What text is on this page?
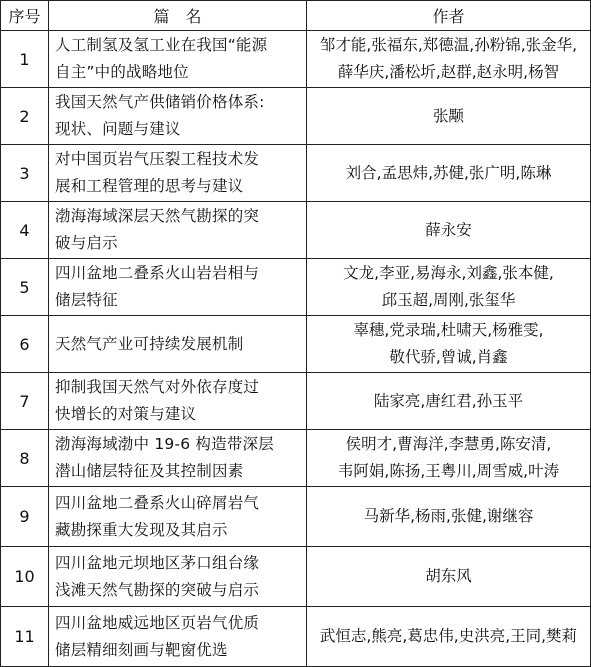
序号	篇　名	作者
1	人工制氢及氢工业在我国“能源
自主”中的战略地位	邹才能,张福东,郑德温,孙粉锦,张金华,
薛华庆,潘松圻,赵群,赵永明,杨智

2	我国天然气产供储销价格体系:
现状、问题与建议	张颙

3	对中国页岩气压裂工程技术发
展和工程管理的思考与建议	刘合,孟思炜,苏健,张广明,陈琳

4	渤海海域深层天然气勘探的突
破与启示	薛永安

5	四川盆地二叠系火山岩岩相与
储层特征	文龙,李亚,易海永,刘鑫,张本健,
邱玉超,周刚,张玺华

6	天然气产业可持续发展机制	辜穗,党录瑞,杜啸天,杨雅雯,
敬代骄,曾诚,肖鑫

7	抑制我国天然气对外依存度过
快增长的对策与建议	陆家亮,唐红君,孙玉平

8	渤海海域渤中 19-6 构造带深层
潜山储层特征及其控制因素	侯明才,曹海洋,李慧勇,陈安清,
韦阿娟,陈扬,王粤川,周雪威,叶涛

9	四川盆地二叠系火山碎屑岩气
藏勘探重大发现及其启示	马新华,杨雨,张健,谢继容

10	四川盆地元坝地区茅口组台缘
浅滩天然气勘探的突破与启示	胡东风

11	四川盆地威远地区页岩气优质
储层精细刻画与靶窗优选	武恒志,熊亮,葛忠伟,史洪亮,王同,樊莉
